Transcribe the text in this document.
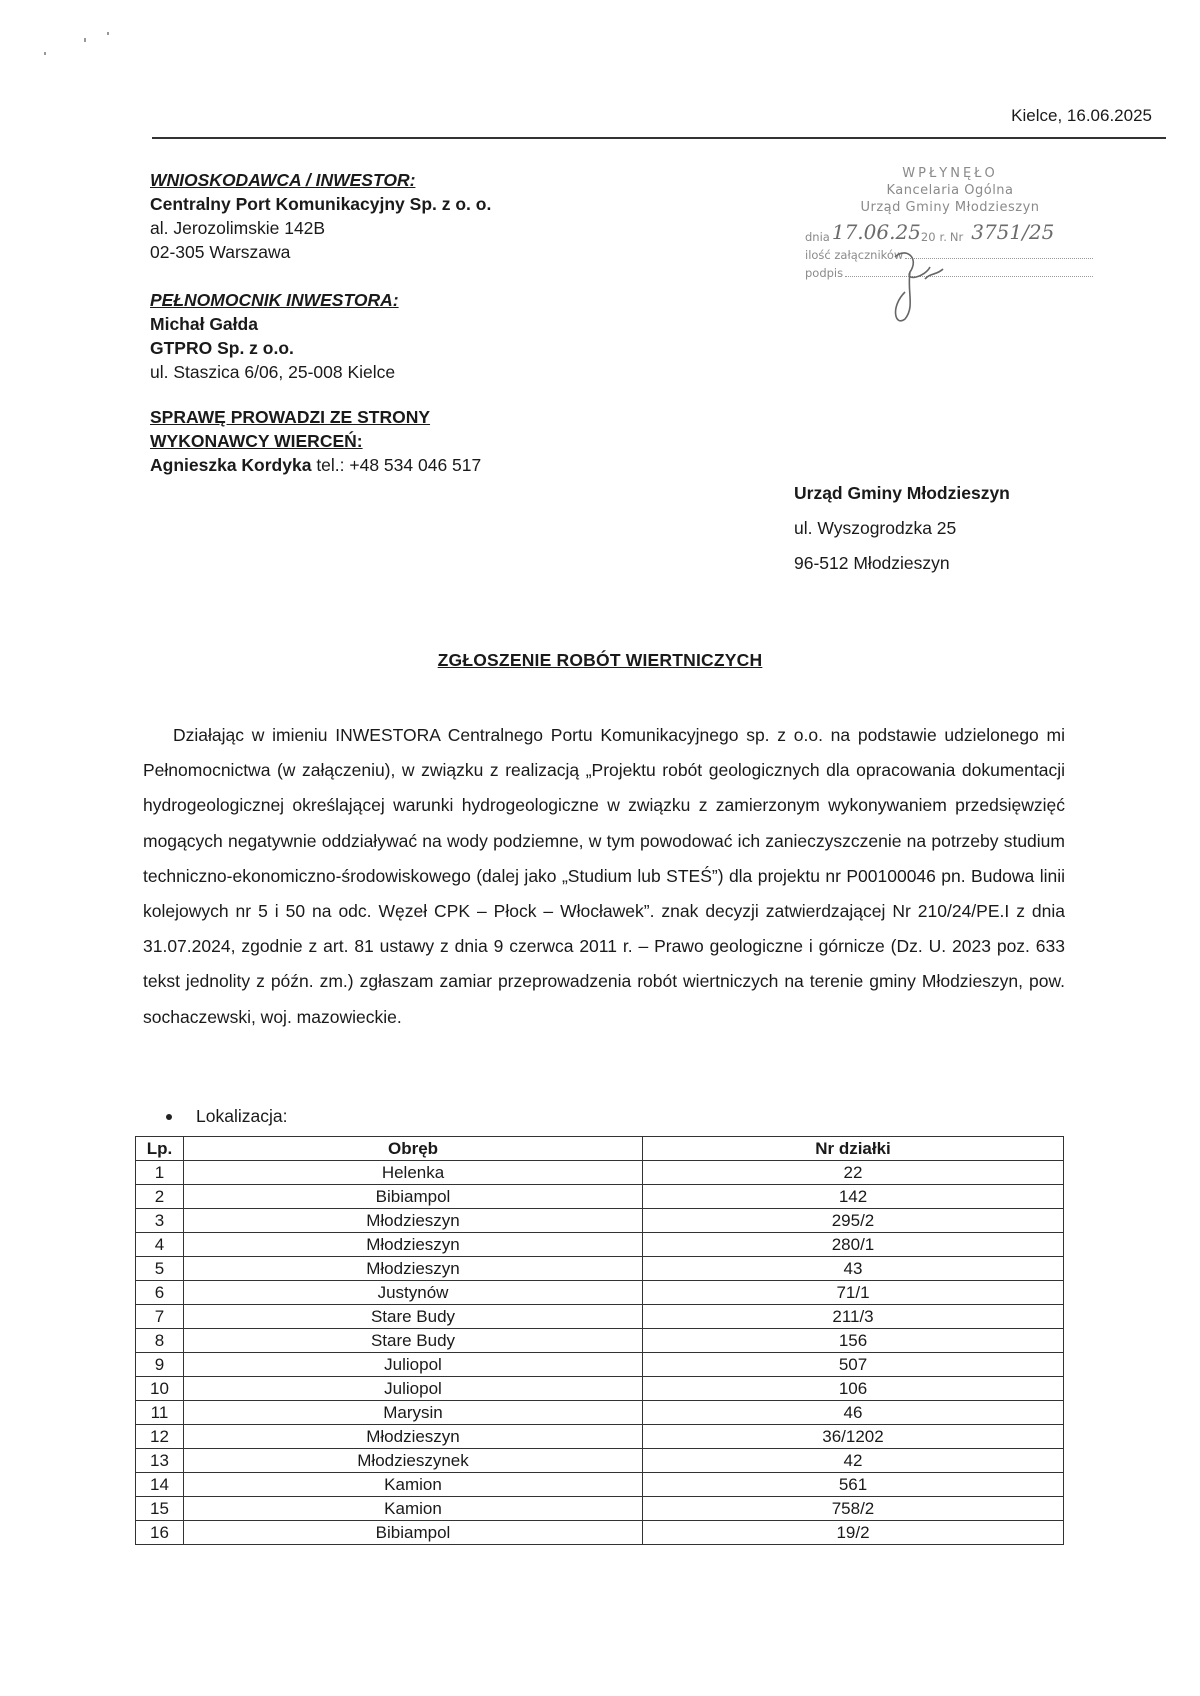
Kielce, 16.06.2025
WNIOSKODAWCA / INWESTOR:
Centralny Port Komunikacyjny Sp. z o. o.
al. Jerozolimskie 142B
02-305 Warszawa
PEŁNOMOCNIK INWESTORA:
Michał Gałda
GTPRO Sp. z o.o.
ul. Staszica 6/06, 25-008 Kielce
SPRAWĘ PROWADZI ZE STRONY
WYKONAWCY WIERCEŃ:
Agnieszka Kordyka tel.: +48 534 046 517
WPŁYNĘŁO
Kancelaria Ogólna
Urząd Gminy Młodzieszyn
dnia 17.06.25 20 r. Nr 3751/25
ilość załączników
podpis
Urząd Gminy Młodzieszyn
ul. Wyszogrodzka 25
96-512 Młodzieszyn
ZGŁOSZENIE ROBÓT WIERTNICZYCH
Działając w imieniu INWESTORA Centralnego Portu Komunikacyjnego sp. z o.o. na podstawie udzielonego mi Pełnomocnictwa (w załączeniu), w związku z realizacją „Projektu robót geologicznych dla opracowania dokumentacji hydrogeologicznej określającej warunki hydrogeologiczne w związku z zamierzonym wykonywaniem przedsięwzięć mogących negatywnie oddziaływać na wody podziemne, w tym powodować ich zanieczyszczenie na potrzeby studium techniczno-ekonomiczno-środowiskowego (dalej jako „Studium lub STEŚ”) dla projektu nr P00100046 pn. Budowa linii kolejowych nr 5 i 50 na odc. Węzeł CPK – Płock – Włocławek”. znak decyzji zatwierdzającej Nr 210/24/PE.I z dnia 31.07.2024, zgodnie z art. 81 ustawy z dnia 9 czerwca 2011 r. – Prawo geologiczne i górnicze (Dz. U. 2023 poz. 633 tekst jednolity z późn. zm.) zgłaszam zamiar przeprowadzenia robót wiertniczych na terenie gminy Młodzieszyn, pow. sochaczewski, woj. mazowieckie.
Lokalizacja:
Lp.	Obręb	Nr działki
1	Helenka	22
2	Bibiampol	142
3	Młodzieszyn	295/2
4	Młodzieszyn	280/1
5	Młodzieszyn	43
6	Justynów	71/1
7	Stare Budy	211/3
8	Stare Budy	156
9	Juliopol	507
10	Juliopol	106
11	Marysin	46
12	Młodzieszyn	36/1202
13	Młodzieszynek	42
14	Kamion	561
15	Kamion	758/2
16	Bibiampol	19/2
